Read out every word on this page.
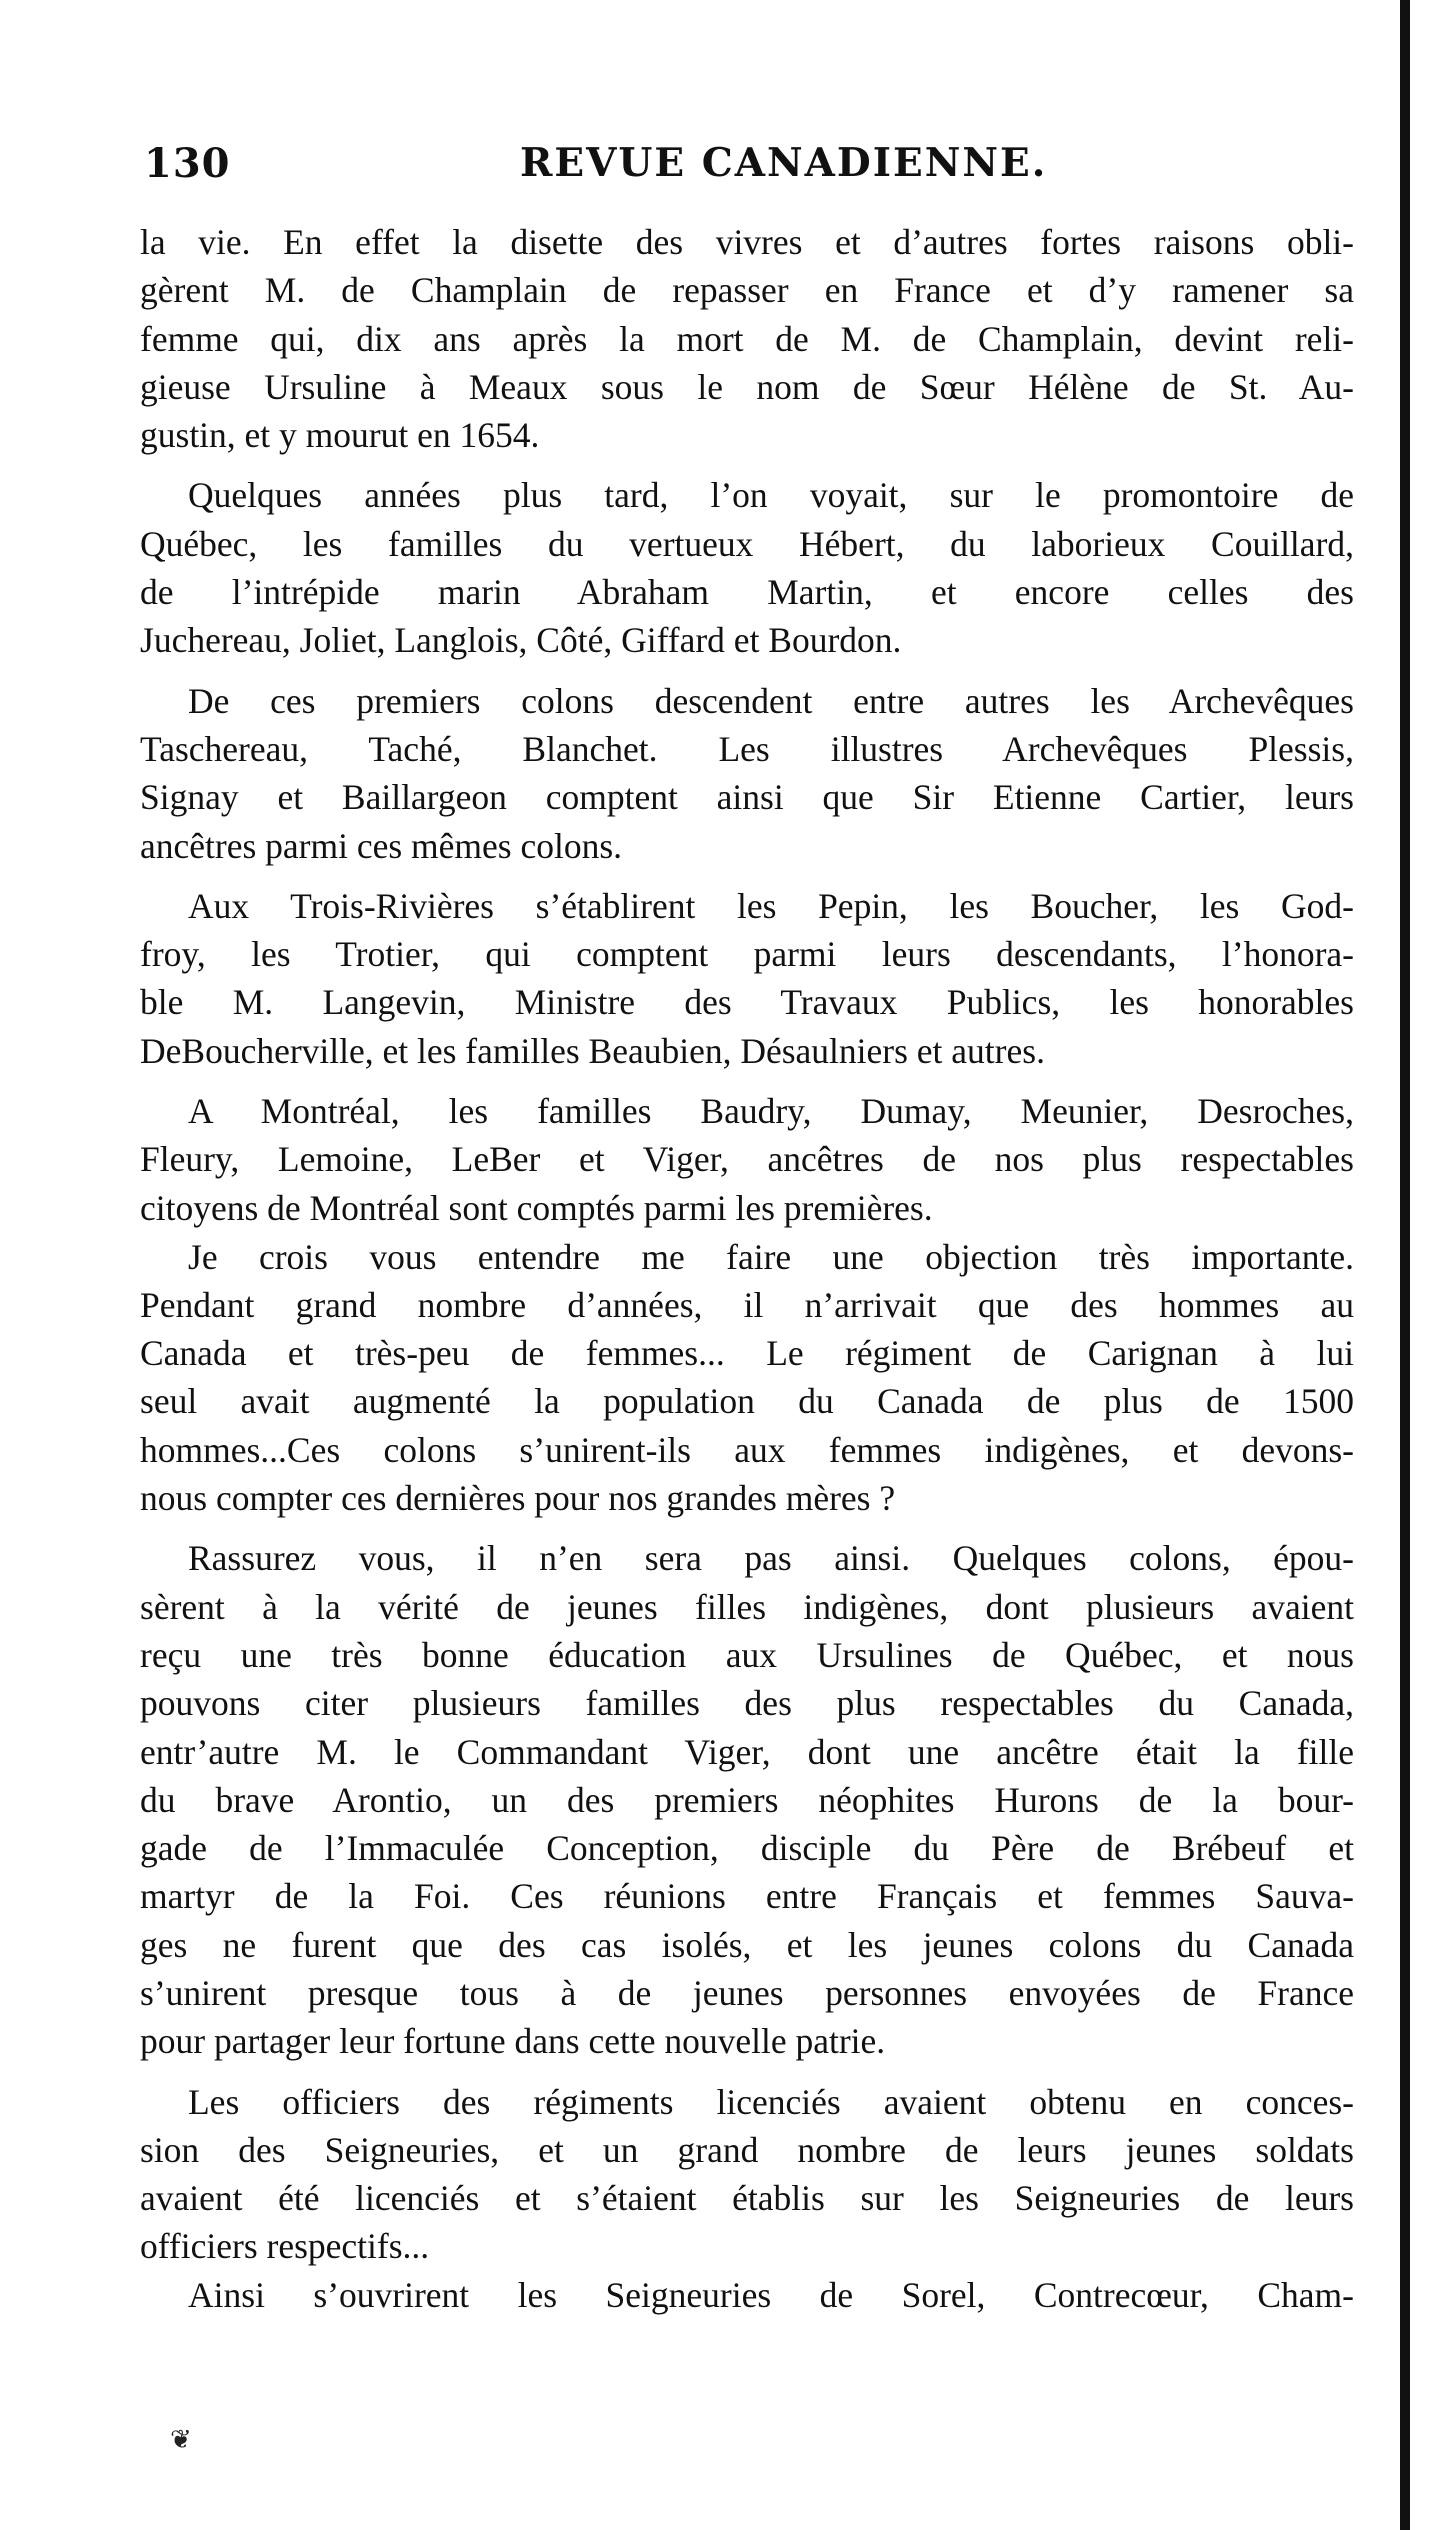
130	REVUE CANADIENNE.
la vie. En effet la disette des vivres et d’autres fortes raisons obli-
gèrent M. de Champlain de repasser en France et d’y ramener sa
femme qui, dix ans après la mort de M. de Champlain, devint reli-
gieuse Ursuline à Meaux sous le nom de Sœur Hélène de St. Au-
gustin, et y mourut en 1654.
Quelques années plus tard, l’on voyait, sur le promontoire de
Québec, les familles du vertueux Hébert, du laborieux Couillard,
de l’intrépide marin Abraham Martin, et encore celles des
Juchereau, Joliet, Langlois, Côté, Giffard et Bourdon.
De ces premiers colons descendent entre autres les Archevêques
Taschereau, Taché, Blanchet. Les illustres Archevêques Plessis,
Signay et Baillargeon comptent ainsi que Sir Etienne Cartier, leurs
ancêtres parmi ces mêmes colons.
Aux Trois-Rivières s’établirent les Pepin, les Boucher, les God-
froy, les Trotier, qui comptent parmi leurs descendants, l’honora-
ble M. Langevin, Ministre des Travaux Publics, les honorables
DeBoucherville, et les familles Beaubien, Désaulniers et autres.
A Montréal, les familles Baudry, Dumay, Meunier, Desroches,
Fleury, Lemoine, LeBer et Viger, ancêtres de nos plus respectables
citoyens de Montréal sont comptés parmi les premières.
Je crois vous entendre me faire une objection très importante.
Pendant grand nombre d’années, il n’arrivait que des hommes au
Canada et très-peu de femmes... Le régiment de Carignan à lui
seul avait augmenté la population du Canada de plus de 1500
hommes...Ces colons s’unirent-ils aux femmes indigènes, et devons-
nous compter ces dernières pour nos grandes mères ?
Rassurez vous, il n’en sera pas ainsi. Quelques colons, épou-
sèrent à la vérité de jeunes filles indigènes, dont plusieurs avaient
reçu une très bonne éducation aux Ursulines de Québec, et nous
pouvons citer plusieurs familles des plus respectables du Canada,
entr’autre M. le Commandant Viger, dont une ancêtre était la fille
du brave Arontio, un des premiers néophites Hurons de la bour-
gade de l’Immaculée Conception, disciple du Père de Brébeuf et
martyr de la Foi. Ces réunions entre Français et femmes Sauva-
ges ne furent que des cas isolés, et les jeunes colons du Canada
s’unirent presque tous à de jeunes personnes envoyées de France
pour partager leur fortune dans cette nouvelle patrie.
Les officiers des régiments licenciés avaient obtenu en conces-
sion des Seigneuries, et un grand nombre de leurs jeunes soldats
avaient été licenciés et s’étaient établis sur les Seigneuries de leurs
officiers respectifs...
Ainsi s’ouvrirent les Seigneuries de Sorel, Contrecœur, Cham-
❦
